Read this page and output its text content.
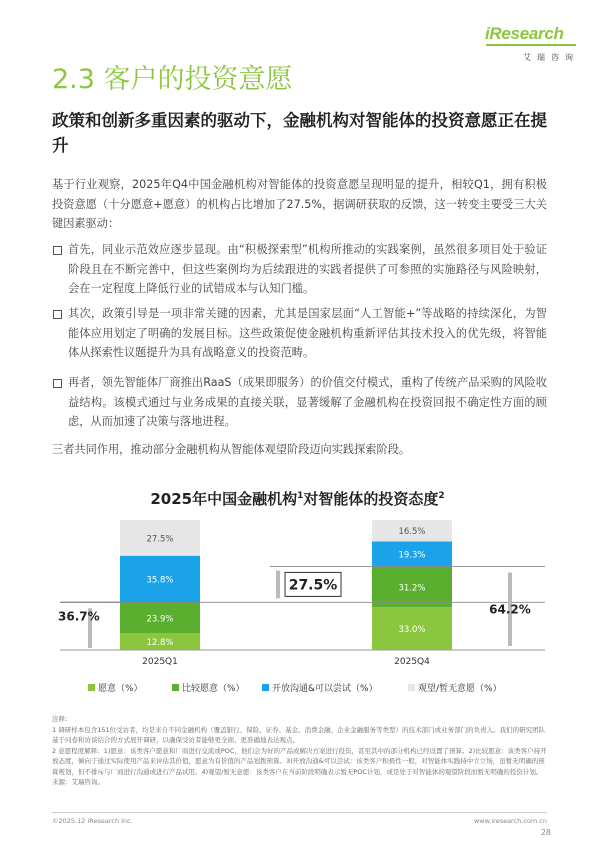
iResearch
艾瑞咨询
2.3 客户的投资意愿
政策和创新多重因素的驱动下，金融机构对智能体的投资意愿正在提升
基于行业观察，2025年Q4中国金融机构对智能体的投资意愿呈现明显的提升，相较Q1，拥有积极投资意愿（十分愿意+愿意）的机构占比增加了27.5%，据调研获取的反馈，这一转变主要受三大关键因素驱动：
首先，同业示范效应逐步显现。由“积极探索型”机构所推动的实践案例，虽然很多项目处于验证阶段且在不断完善中，但这些案例均为后续跟进的实践者提供了可参照的实施路径与风险映射，会在一定程度上降低行业的试错成本与认知门槛。
其次，政策引导是一项非常关键的因素，尤其是国家层面“人工智能+”等战略的持续深化，为智能体应用划定了明确的发展目标。这些政策促使金融机构重新评估其技术投入的优先级，将智能体从探索性议题提升为具有战略意义的投资范畴。
再者，领先智能体厂商推出RaaS（成果即服务）的价值交付模式，重构了传统产品采购的风险收益结构。该模式通过与业务成果的直接关联，显著缓解了金融机构在投资回报不确定性方面的顾虑，从而加速了决策与落地进程。
三者共同作用，推动部分金融机构从智能体观望阶段迈向实践探索阶段。
2025年中国金融机构$^1$对智能体的投资态度$^2$
12.8%
23.9%
35.8%
27.5%
2025Q1
33.0%
31.2%
19.3%
16.5%
2025Q4
36.7%
27.5%
64.2%
愿意（%）	比较愿意（%）	开放沟通&可以尝试（%）	观望/暂无意愿（%）

注释：

1 调研样本包含151位受访者，均是来自不同金融机构（覆盖银行、保险、证券、基金、消费金融、企业金融服务等类型）的技术部门或业务部门的负责人。我们的研究团队基于问卷和访谈结合的方式展开调研，以确保受访者能够更全面、更准确地表达观点。

2 意愿程度解释：1)愿意：该类客户愿意和厂商进行交流或POC，他们会为好的产品或解决方案进行投资，甚至其中的部分机构已经设置了预算。2)比较愿意：该类客户持开放态度，倾向于通过实际使用产品来评估其价值，愿意为有价值的产品划拨预算。3)开放沟通&可以尝试：该类客户积极性一般，对智能体实践持中立立场，虽暂无明确的预算规划，但不排斥与厂商进行沟通或进行产品试用。4)观望/暂无意愿：该类客户在当前阶段明确表示暂无POC计划，或是处于对智能体的观望阶段而暂无明确的投资计划。

来源：艾瑞咨询。

©2025.12 iResearch Inc.	www.iresearch.com.cn
28
